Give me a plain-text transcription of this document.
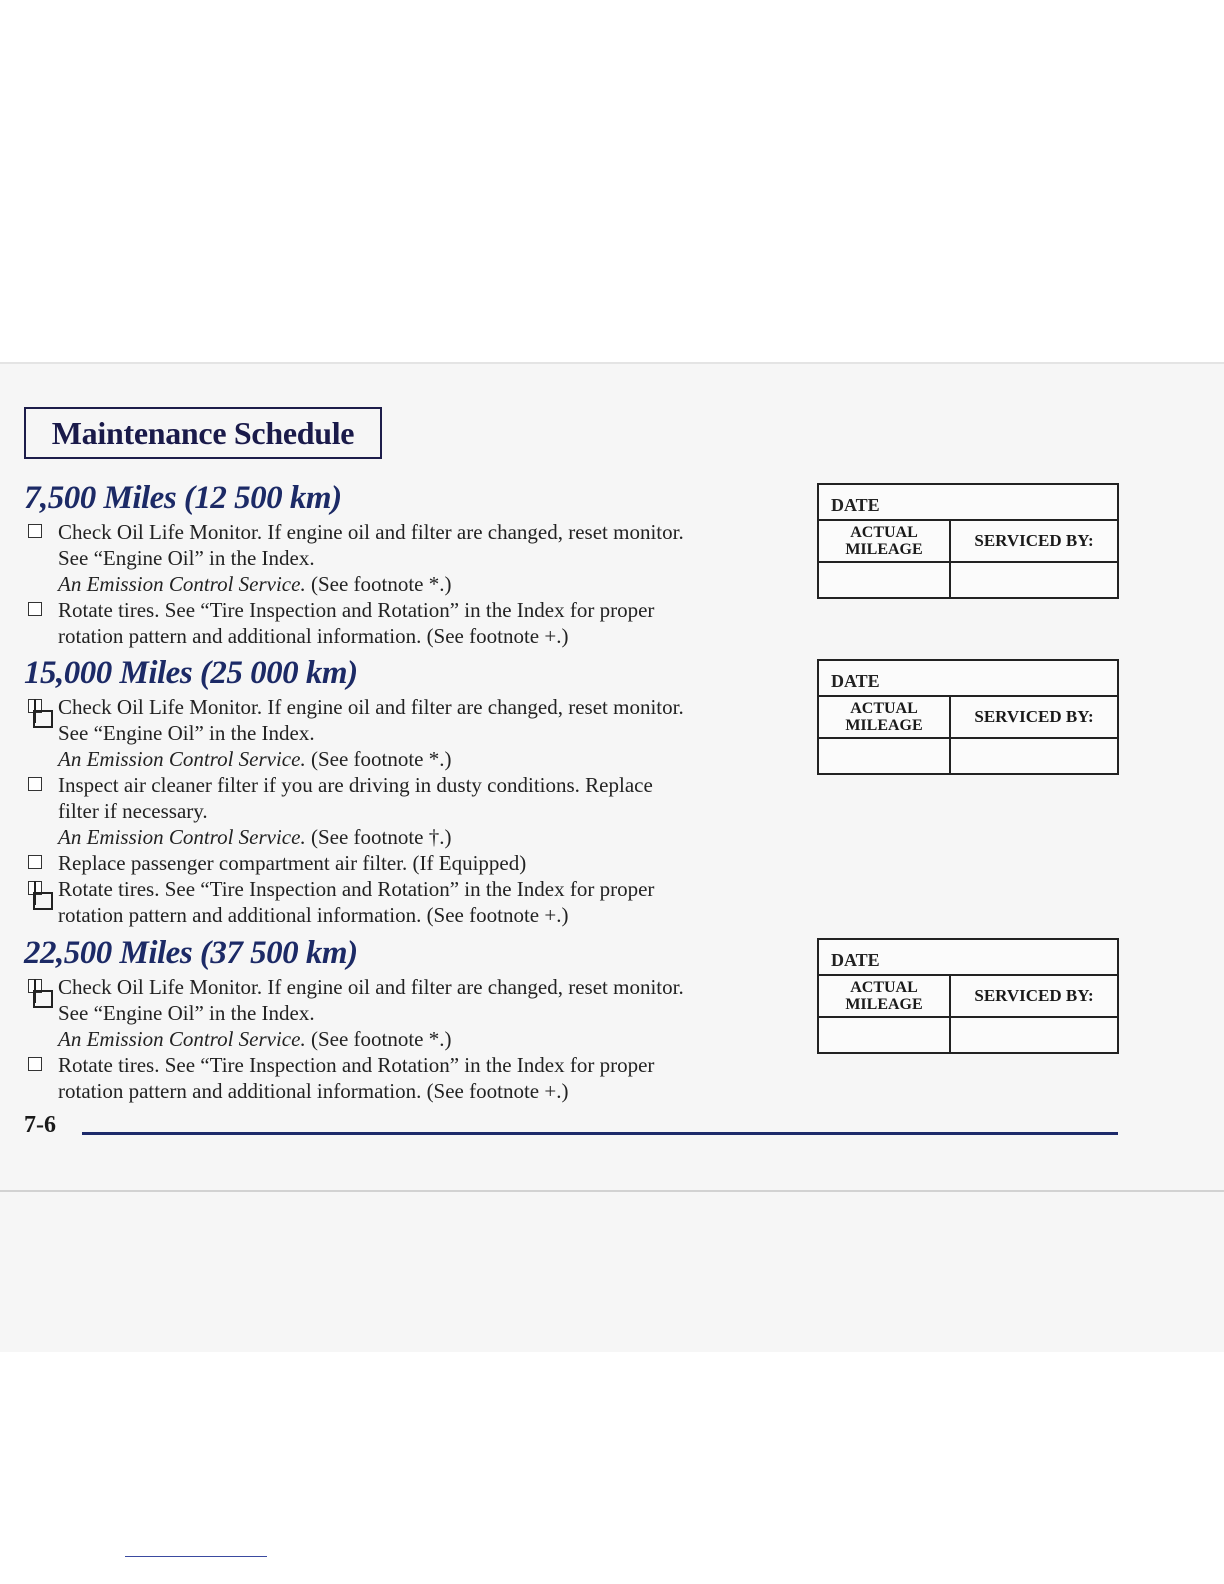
Maintenance Schedule
7,500 Miles (12 500 km)
Check Oil Life Monitor. If engine oil and filter are changed, reset monitor.
See “Engine Oil” in the Index.
An Emission Control Service. (See footnote *.)
Rotate tires. See “Tire Inspection and Rotation” in the Index for proper
rotation pattern and additional information. (See footnote +.)
15,000 Miles (25 000 km)
Check Oil Life Monitor. If engine oil and filter are changed, reset monitor.
See “Engine Oil” in the Index.
An Emission Control Service. (See footnote *.)
Inspect air cleaner filter if you are driving in dusty conditions. Replace
filter if necessary.
An Emission Control Service. (See footnote †.)
Replace passenger compartment air filter. (If Equipped)
Rotate tires. See “Tire Inspection and Rotation” in the Index for proper
rotation pattern and additional information. (See footnote +.)
22,500 Miles (37 500 km)
Check Oil Life Monitor. If engine oil and filter are changed, reset monitor.
See “Engine Oil” in the Index.
An Emission Control Service. (See footnote *.)
Rotate tires. See “Tire Inspection and Rotation” in the Index for proper
rotation pattern and additional information. (See footnote +.)
DATE
ACTUAL
MILEAGE	SERVICED BY:
DATE
ACTUAL
MILEAGE	SERVICED BY:
DATE
ACTUAL
MILEAGE	SERVICED BY:
7-6
